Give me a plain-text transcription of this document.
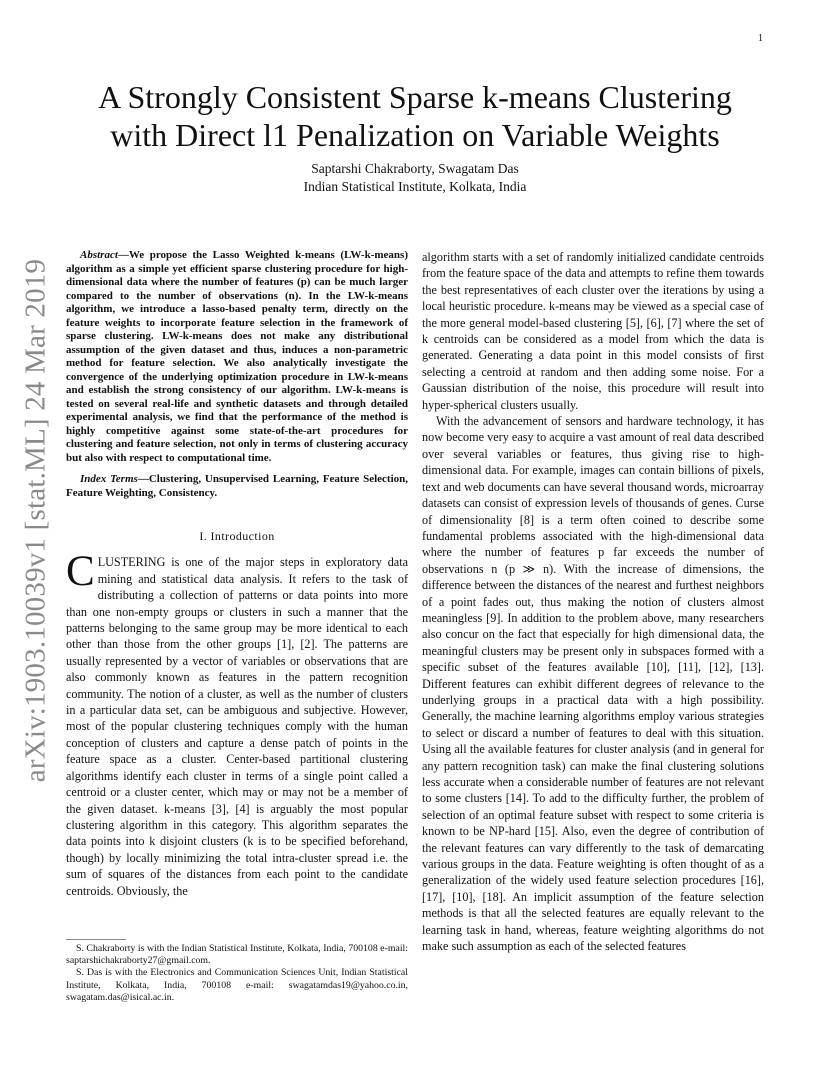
1
arXiv:1903.10039v1 [stat.ML] 24 Mar 2019
A Strongly Consistent Sparse k-means Clustering
with Direct l1 Penalization on Variable Weights
Saptarshi Chakraborty, Swagatam Das
Indian Statistical Institute, Kolkata, India

Abstract—We propose the Lasso Weighted k-means (LW-k-means) algorithm as a simple yet efficient sparse clustering procedure for high-dimensional data where the number of features (p) can be much larger compared to the number of observations (n). In the LW-k-means algorithm, we introduce a lasso-based penalty term, directly on the feature weights to incorporate feature selection in the framework of sparse clustering. LW-k-means does not make any distributional assumption of the given dataset and thus, induces a non-parametric method for feature selection. We also analytically investigate the convergence of the underlying optimization procedure in LW-k-means and establish the strong consistency of our algorithm. LW-k-means is tested on several real-life and synthetic datasets and through detailed experimental analysis, we find that the performance of the method is highly competitive against some state-of-the-art procedures for clustering and feature selection, not only in terms of clustering accuracy but also with respect to computational time.

Index Terms—Clustering, Unsupervised Learning, Feature Selection, Feature Weighting, Consistency.

I. Introduction

CLUSTERING is one of the major steps in exploratory data mining and statistical data analysis. It refers to the task of distributing a collection of patterns or data points into more than one non-empty groups or clusters in such a manner that the patterns belonging to the same group may be more identical to each other than those from the other groups [1], [2]. The patterns are usually represented by a vector of variables or observations that are also commonly known as features in the pattern recognition community. The notion of a cluster, as well as the number of clusters in a particular data set, can be ambiguous and subjective. However, most of the popular clustering techniques comply with the human conception of clusters and capture a dense patch of points in the feature space as a cluster. Center-based partitional clustering algorithms identify each cluster in terms of a single point called a centroid or a cluster center, which may or may not be a member of the given dataset. k-means [3], [4] is arguably the most popular clustering algorithm in this category. This algorithm separates the data points into k disjoint clusters (k is to be specified beforehand, though) by locally minimizing the total intra-cluster spread i.e. the sum of squares of the distances from each point to the candidate centroids. Obviously, the

algorithm starts with a set of randomly initialized candidate centroids from the feature space of the data and attempts to refine them towards the best representatives of each cluster over the iterations by using a local heuristic procedure. k-means may be viewed as a special case of the more general model-based clustering [5], [6], [7] where the set of k centroids can be considered as a model from which the data is generated. Generating a data point in this model consists of first selecting a centroid at random and then adding some noise. For a Gaussian distribution of the noise, this procedure will result into hyper-spherical clusters usually.

With the advancement of sensors and hardware technology, it has now become very easy to acquire a vast amount of real data described over several variables or features, thus giving rise to high-dimensional data. For example, images can contain billions of pixels, text and web documents can have several thousand words, microarray datasets can consist of expression levels of thousands of genes. Curse of dimensionality [8] is a term often coined to describe some fundamental problems associated with the high-dimensional data where the number of features p far exceeds the number of observations n (p ≫ n). With the increase of dimensions, the difference between the distances of the nearest and furthest neighbors of a point fades out, thus making the notion of clusters almost meaningless [9]. In addition to the problem above, many researchers also concur on the fact that especially for high dimensional data, the meaningful clusters may be present only in subspaces formed with a specific subset of the features available [10], [11], [12], [13]. Different features can exhibit different degrees of relevance to the underlying groups in a practical data with a high possibility. Generally, the machine learning algorithms employ various strategies to select or discard a number of features to deal with this situation. Using all the available features for cluster analysis (and in general for any pattern recognition task) can make the final clustering solutions less accurate when a considerable number of features are not relevant to some clusters [14]. To add to the difficulty further, the problem of selection of an optimal feature subset with respect to some criteria is known to be NP-hard [15]. Also, even the degree of contribution of the relevant features can vary differently to the task of demarcating various groups in the data. Feature weighting is often thought of as a generalization of the widely used feature selection procedures [16], [17], [10], [18]. An implicit assumption of the feature selection methods is that all the selected features are equally relevant to the learning task in hand, whereas, feature weighting algorithms do not make such assumption as each of the selected features

S. Chakraborty is with the Indian Statistical Institute, Kolkata, India, 700108 e-mail: saptarshichakraborty27@gmail.com.

S. Das is with the Electronics and Communication Sciences Unit, Indian Statistical Institute, Kolkata, India, 700108 e-mail: swagatamdas19@yahoo.co.in, swagatam.das@isical.ac.in.
